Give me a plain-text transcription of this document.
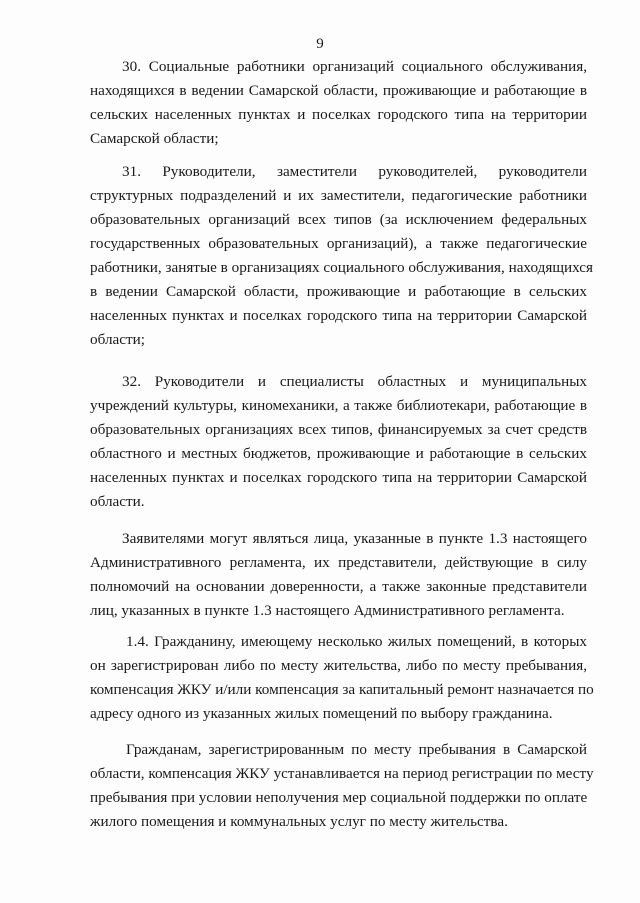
9
30. Социальные работники организаций социального обслуживания,
находящихся в ведении Самарской области, проживающие и работающие в
сельских населенных пунктах и поселках городского типа на территории
Самарской области;
31. Руководители, заместители руководителей, руководители
структурных подразделений и их заместители, педагогические работники
образовательных организаций всех типов (за исключением федеральных
государственных образовательных организаций), а также педагогические
работники, занятые в организациях социального обслуживания, находящихся
в ведении Самарской области, проживающие и работающие в сельских
населенных пунктах и поселках городского типа на территории Самарской
области;
32. Руководители и специалисты областных и муниципальных
учреждений культуры, киномеханики, а также библиотекари, работающие в
образовательных организациях всех типов, финансируемых за счет средств
областного и местных бюджетов, проживающие и работающие в сельских
населенных пунктах и поселках городского типа на территории Самарской
области.
Заявителями могут являться лица, указанные в пункте 1.3 настоящего
Административного регламента, их представители, действующие в силу
полномочий на основании доверенности, а также законные представители
лиц, указанных в пункте 1.3 настоящего Административного регламента.
1.4. Гражданину, имеющему несколько жилых помещений, в которых
он зарегистрирован либо по месту жительства, либо по месту пребывания,
компенсация ЖКУ и/или компенсация за капитальный ремонт назначается по
адресу одного из указанных жилых помещений по выбору гражданина.
Гражданам, зарегистрированным по месту пребывания в Самарской
области, компенсация ЖКУ устанавливается на период регистрации по месту
пребывания при условии неполучения мер социальной поддержки по оплате
жилого помещения и коммунальных услуг по месту жительства.
